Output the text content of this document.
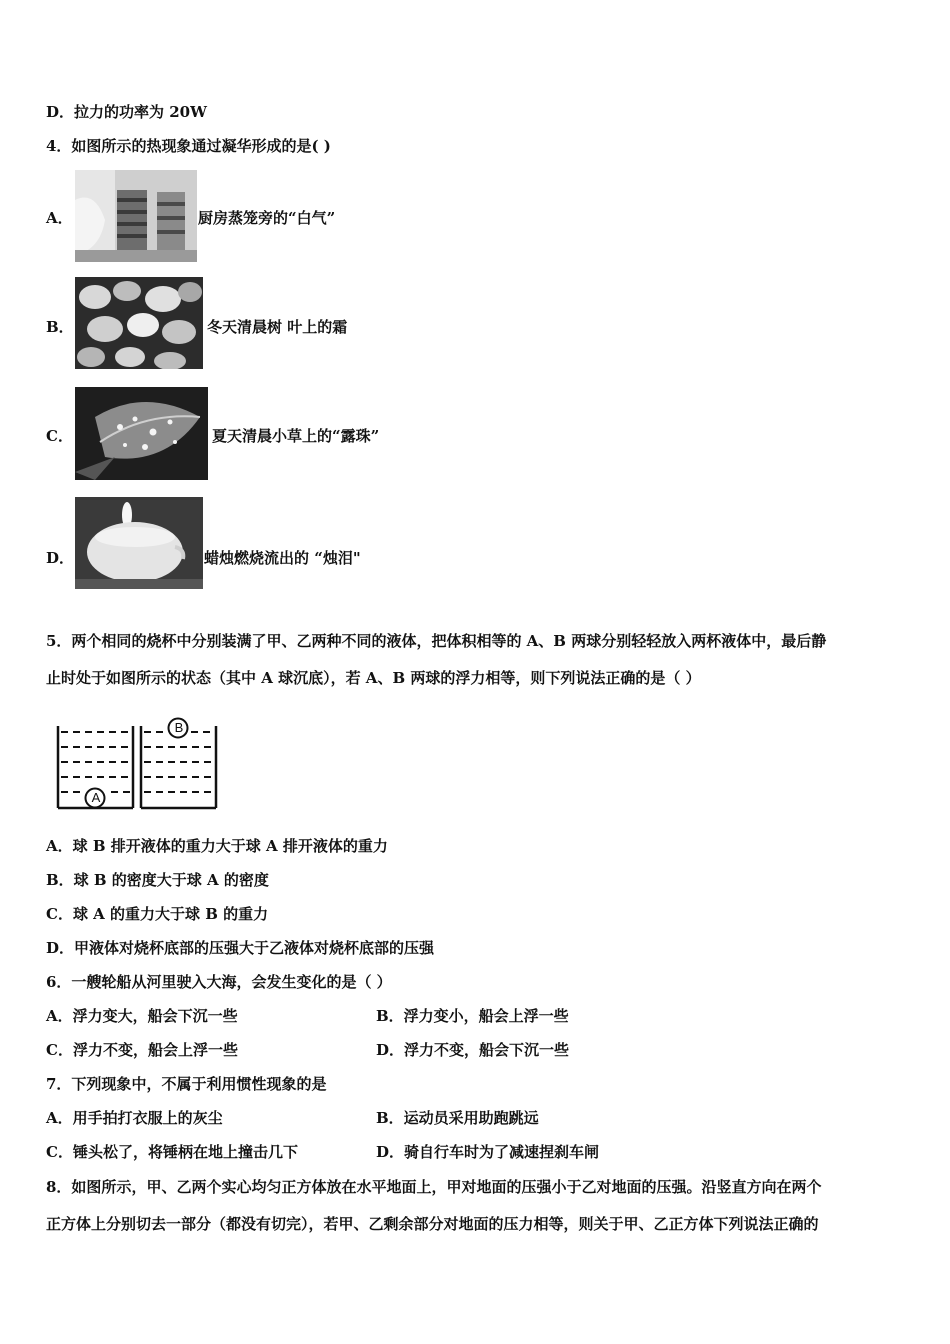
D．拉力的功率为 20W
4．如图所示的热现象通过凝华形成的是( )
A．	厨房蒸笼旁的“白气”
B．	冬天清晨树 叶上的霜
C．	夏天清晨小草上的“露珠”
D．	蜡烛燃烧流出的 “烛泪"
5．两个相同的烧杯中分别装满了甲、乙两种不同的液体，把体积相等的 A、B 两球分别轻轻放入两杯液体中，最后静
止时处于如图所示的状态（其中 A 球沉底），若 A、B 两球的浮力相等，则下列说法正确的是（ ）
A
B
A．球 B 排开液体的重力大于球 A 排开液体的重力
B．球 B 的密度大于球 A 的密度
C．球 A 的重力大于球 B 的重力
D．甲液体对烧杯底部的压强大于乙液体对烧杯底部的压强
6．一艘轮船从河里驶入大海，会发生变化的是（ ）
A．浮力变大，船会下沉一些	B．浮力变小，船会上浮一些
C．浮力不变，船会上浮一些	D．浮力不变，船会下沉一些
7．下列现象中，不属于利用惯性现象的是
A．用手拍打衣服上的灰尘	B．运动员采用助跑跳远
C．锤头松了，将锤柄在地上撞击几下	D．骑自行车时为了减速捏刹车闸
8．如图所示，甲、乙两个实心均匀正方体放在水平地面上，甲对地面的压强小于乙对地面的压强。沿竖直方向在两个
正方体上分别切去一部分（都没有切完），若甲、乙剩余部分对地面的压力相等，则关于甲、乙正方体下列说法正确的
